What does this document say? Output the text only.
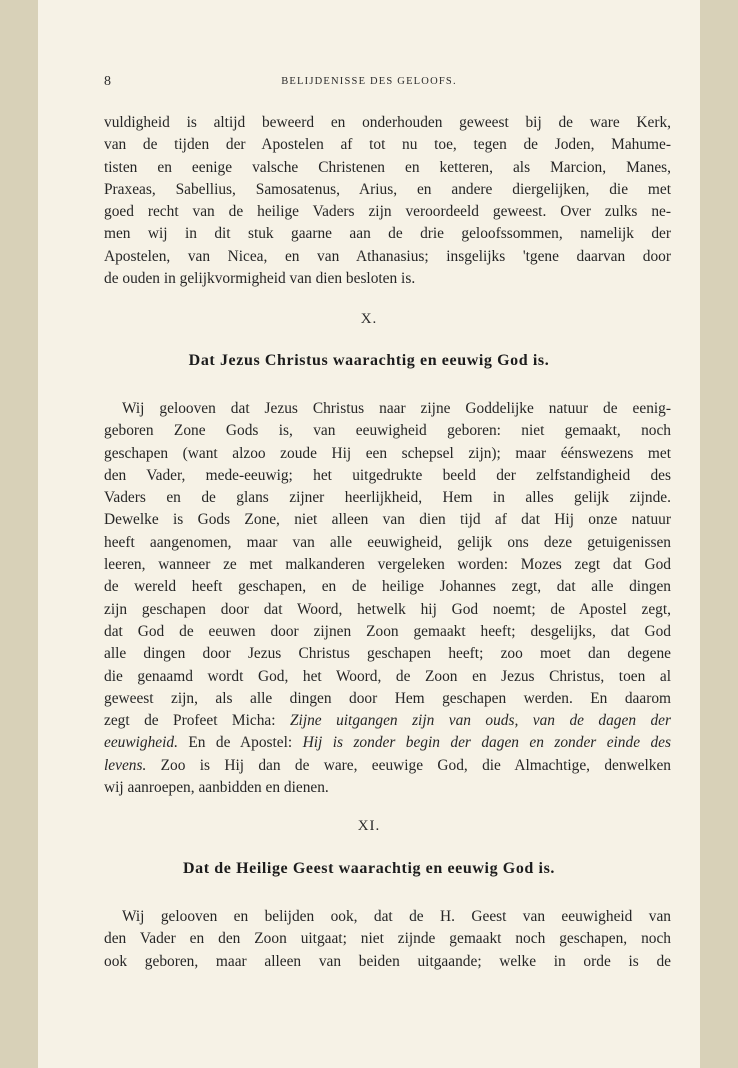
8	BELIJDENISSE DES GELOOFS.
vuldigheid is altijd beweerd en onderhouden geweest bij de ware Kerk,
van de tijden der Apostelen af tot nu toe, tegen de Joden, Mahume-
tisten en eenige valsche Christenen en ketteren, als Marcion, Manes,
Praxeas, Sabellius, Samosatenus, Arius, en andere diergelijken, die met
goed recht van de heilige Vaders zijn veroordeeld geweest. Over zulks ne-
men wij in dit stuk gaarne aan de drie geloofssommen, namelijk der
Apostelen, van Nicea, en van Athanasius; insgelijks 'tgene daarvan door
de ouden in gelijkvormigheid van dien besloten is.
X.
Dat Jezus Christus waarachtig en eeuwig God is.
Wij gelooven dat Jezus Christus naar zijne Goddelijke natuur de eenig-
geboren Zone Gods is, van eeuwigheid geboren: niet gemaakt, noch
geschapen (want alzoo zoude Hij een schepsel zijn); maar éénswezens met
den Vader, mede-eeuwig; het uitgedrukte beeld der zelfstandigheid des
Vaders en de glans zijner heerlijkheid, Hem in alles gelijk zijnde.
Dewelke is Gods Zone, niet alleen van dien tijd af dat Hij onze natuur
heeft aangenomen, maar van alle eeuwigheid, gelijk ons deze getuigenissen
leeren, wanneer ze met malkanderen vergeleken worden: Mozes zegt dat God
de wereld heeft geschapen, en de heilige Johannes zegt, dat alle dingen
zijn geschapen door dat Woord, hetwelk hij God noemt; de Apostel zegt,
dat God de eeuwen door zijnen Zoon gemaakt heeft; desgelijks, dat God
alle dingen door Jezus Christus geschapen heeft; zoo moet dan degene
die genaamd wordt God, het Woord, de Zoon en Jezus Christus, toen al
geweest zijn, als alle dingen door Hem geschapen werden. En daarom
zegt de Profeet Micha: Zijne uitgangen zijn van ouds, van de dagen der
eeuwigheid. En de Apostel: Hij is zonder begin der dagen en zonder einde des
levens. Zoo is Hij dan de ware, eeuwige God, die Almachtige, denwelken
wij aanroepen, aanbidden en dienen.
XI.
Dat de Heilige Geest waarachtig en eeuwig God is.
Wij gelooven en belijden ook, dat de H. Geest van eeuwigheid van
den Vader en den Zoon uitgaat; niet zijnde gemaakt noch geschapen, noch
ook geboren, maar alleen van beiden uitgaande; welke in orde is de
